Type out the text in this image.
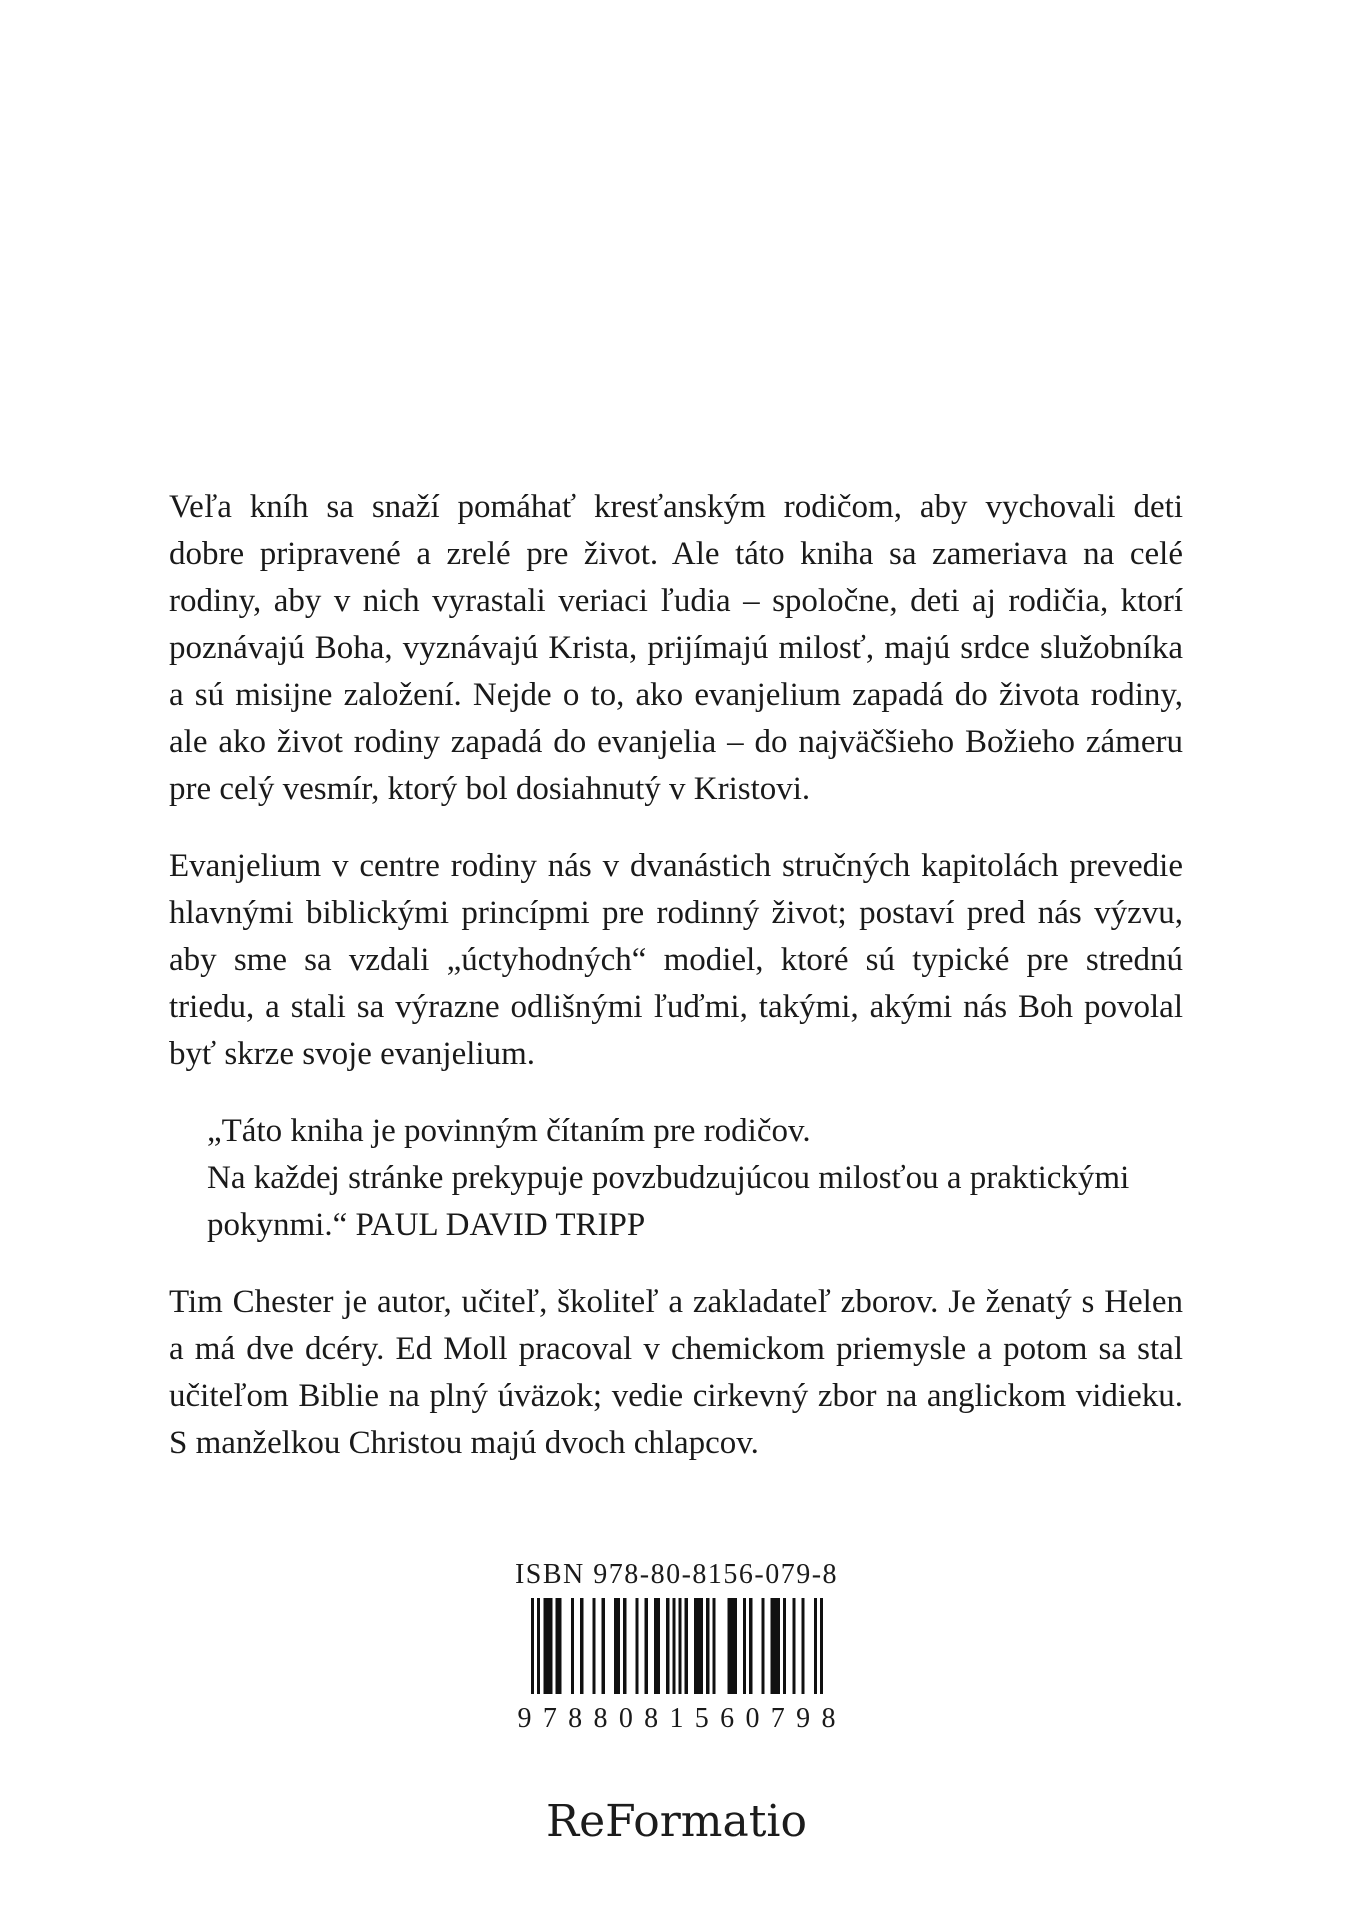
Veľa kníh sa snaží pomáhať kresťanským rodičom, aby vychovali deti
dobre pripravené a zrelé pre život. Ale táto kniha sa zameriava na celé
rodiny, aby v nich vyrastali veriaci ľudia – spoločne, deti aj rodičia, ktorí
poznávajú Boha, vyznávajú Krista, prijímajú milosť, majú srdce služobníka
a sú misijne založení. Nejde o to, ako evanjelium zapadá do života rodiny,
ale ako život rodiny zapadá do evanjelia – do najväčšieho Božieho zámeru
pre celý vesmír, ktorý bol dosiahnutý v Kristovi.
Evanjelium v centre rodiny nás v dvanástich stručných kapitolách prevedie
hlavnými biblickými princípmi pre rodinný život; postaví pred nás výzvu,
aby sme sa vzdali „úctyhodných“ modiel, ktoré sú typické pre strednú
triedu, a stali sa výrazne odlišnými ľuďmi, takými, akými nás Boh povolal
byť skrze svoje evanjelium.
„Táto kniha je povinným čítaním pre rodičov.
Na každej stránke prekypuje povzbudzujúcou milosťou a praktickými
pokynmi.“ PAUL DAVID TRIPP
Tim Chester je autor, učiteľ, školiteľ a zakladateľ zborov. Je ženatý s Helen
a má dve dcéry. Ed Moll pracoval v chemickom priemysle a potom sa stal
učiteľom Biblie na plný úväzok; vedie cirkevný zbor na anglickom vidieku.
S manželkou Christou majú dvoch chlapcov.
ISBN 978-80-8156-079-8
9 7 8 8 0 8 1 5 6 0 7 9 8
ReFormatio
